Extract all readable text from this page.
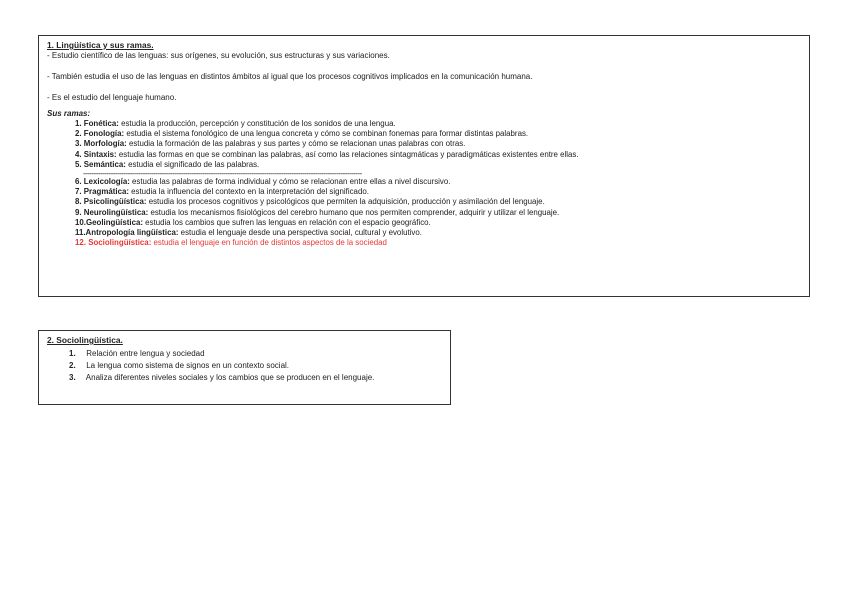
1. Lingüística y sus ramas.

- Estudio científico de las lenguas: sus orígenes, su evolución, sus estructuras y sus variaciones.

- También estudia el uso de las lenguas en distintos ámbitos al igual que los procesos cognitivos implicados en la comunicación humana.

- Es el estudio del lenguaje humano.

Sus ramas:
1. Fonética: estudia la producción, percepción y constitución de los sonidos de una lengua.
2. Fonología: estudia el sistema fonológico de una lengua concreta y cómo se combinan fonemas para formar distintas palabras.
3. Morfología: estudia la formación de las palabras y sus partes y cómo se relacionan unas palabras con otras.
4. Sintaxis: estudia las formas en que se combinan las palabras, así como las relaciones sintagmáticas y paradigmáticas existentes entre ellas.
5. Semántica: estudia el significado de las palabras.
-----------------------------------------------------------------------------------------------------------------------------------
6. Lexicología: estudia las palabras de forma individual y cómo se relacionan entre ellas a nivel discursivo.
7. Pragmática: estudia la influencia del contexto en la interpretación del significado.
8. Psicolingüística: estudia los procesos cognitivos y psicológicos que permiten la adquisición, producción y asimilación del lenguaje.
9. Neurolingüística: estudia los mecanismos fisiológicos del cerebro humano que nos permiten comprender, adquirir y utilizar el lenguaje.
10.Geolingüística: estudia los cambios que sufren las lenguas en relación con el espacio geográfico.
11.Antropología lingüística: estudia el lenguaje desde una perspectiva social, cultural y evolutivo.
12. Sociolingüística: estudia el lenguaje en función de distintos aspectos de la sociedad
2. Sociolingüística.
1. Relación entre lengua y sociedad
2. La lengua como sistema de signos en un contexto social.
3. Analiza diferentes niveles sociales y los cambios que se producen en el lenguaje.
